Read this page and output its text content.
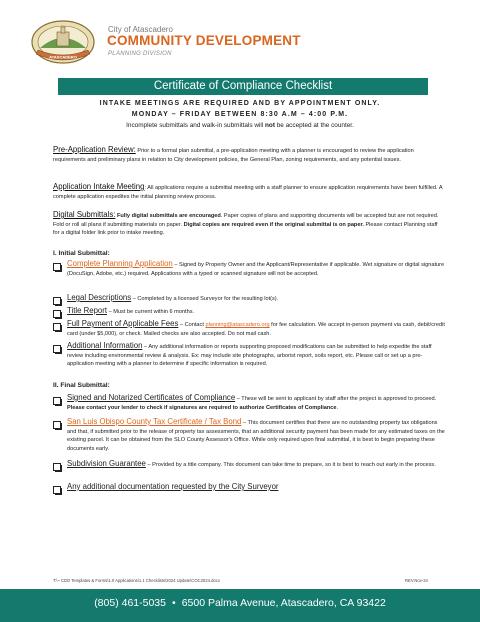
ATASCADERO
City of Atascadero
COMMUNITY DEVELOPMENT
PLANNING DIVISION
Certificate of Compliance Checklist
INTAKE MEETINGS ARE REQUIRED AND BY APPOINTMENT ONLY.
MONDAY – FRIDAY BETWEEN 8:30 A.M – 4:00 P.M.
Incomplete submittals and walk-in submittals will not be accepted at the counter.
Pre-Application Review: Prior to a formal plan submittal, a pre-application meeting with a planner is encouraged to review the application requirements and preliminary plans in relation to City development policies, the General Plan, zoning requirements, and any potential issues.
Application Intake Meeting: All applications require a submittal meeting with a staff planner to ensure application requirements have been fulfilled. A complete application expedites the initial planning review process.
Digital Submittals: Fully digital submittals are encouraged. Paper copies of plans and supporting documents will be accepted but are not required. Fold or roll all plans if submitting materials on paper. Digital copies are required even if the original submittal is on paper. Please contact Planning staff for a digital folder link prior to intake meeting.
I. Initial Submittal:
Complete Planning Application – Signed by Property Owner and the Applicant/Representative if applicable. Wet signature or digital signature (DocuSign, Adobe, etc.) required. Applications with a typed or scanned signature will not be accepted.
Legal Descriptions – Completed by a licensed Surveyor for the resulting lot(s).
Title Report – Must be current within 6 months.
Full Payment of Applicable Fees – Contact planning@atascadero.org for fee calculation. We accept in-person payment via cash, debit/credit card (under $5,000), or check. Mailed checks are also accepted. Do not mail cash.
Additional Information – Any additional information or reports supporting proposed modifications can be submitted to help expedite the staff review including environmental review & analysis. Ex: may include site photographs, arborist report, soils report, etc. Please call or set up a pre-application meeting with a planner to determine if specific information is required.
II. Final Submittal:
Signed and Notarized Certificates of Compliance – These will be sent to applicant by staff after the project is approved to proceed. Please contact your lender to check if signatures are required to authorize Certificates of Compliance.
San Luis Obispo County Tax Certificate / Tax Bond – This document certifies that there are no outstanding property tax obligations and that, if submitted prior to the release of property tax assessments, that an additional security payment has been made for any estimated taxes on the existing parcel. It can be obtained from the SLO County Assessor's Office. While only required upon final submittal, it is best to begin preparing these documents early.
Subdivision Guarantee – Provided by a title company. This document can take time to prepare, so it is best to reach out early in the process.
Any additional documentation requested by the City Surveyor
T:\~ CDD Templates & Forms\1.0 Applications\1.1 Checklists\2024 Update\COC2024.docx	REV.Nov-24
(805) 461-5035 • 6500 Palma Avenue, Atascadero, CA 93422
